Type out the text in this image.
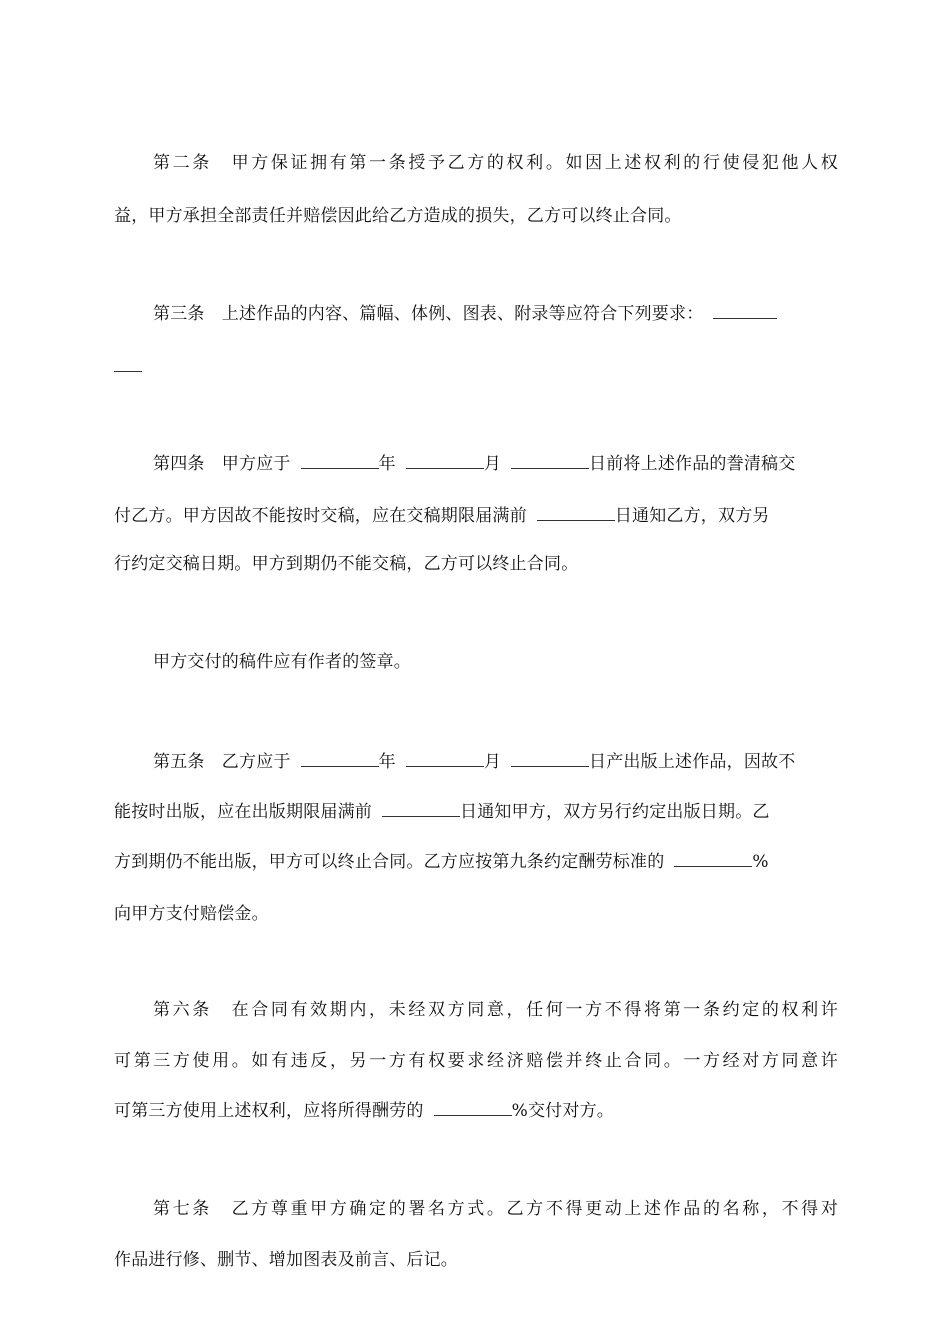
第二条　甲方保证拥有第一条授予乙方的权利。如因上述权利的行使侵犯他人权
益，甲方承担全部责任并赔偿因此给乙方造成的损失，乙方可以终止合同。
第三条　上述作品的内容、篇幅、体例、图表、附录等应符合下列要求：
第四条　甲方应于	年	月	日前将上述作品的誊清稿交
付乙方。甲方因故不能按时交稿，应在交稿期限届满前	日通知乙方，双方另
行约定交稿日期。甲方到期仍不能交稿，乙方可以终止合同。
甲方交付的稿件应有作者的签章。
第五条　乙方应于	年	月	日产出版上述作品，因故不
能按时出版，应在出版期限届满前	日通知甲方，双方另行约定出版日期。乙
方到期仍不能出版，甲方可以终止合同。乙方应按第九条约定酬劳标准的	%
向甲方支付赔偿金。
第六条　在合同有效期内，未经双方同意，任何一方不得将第一条约定的权利许
可第三方使用。如有违反，另一方有权要求经济赔偿并终止合同。一方经对方同意许
可第三方使用上述权利，应将所得酬劳的	%交付对方。
第七条　乙方尊重甲方确定的署名方式。乙方不得更动上述作品的名称，不得对
作品进行修、删节、增加图表及前言、后记。
